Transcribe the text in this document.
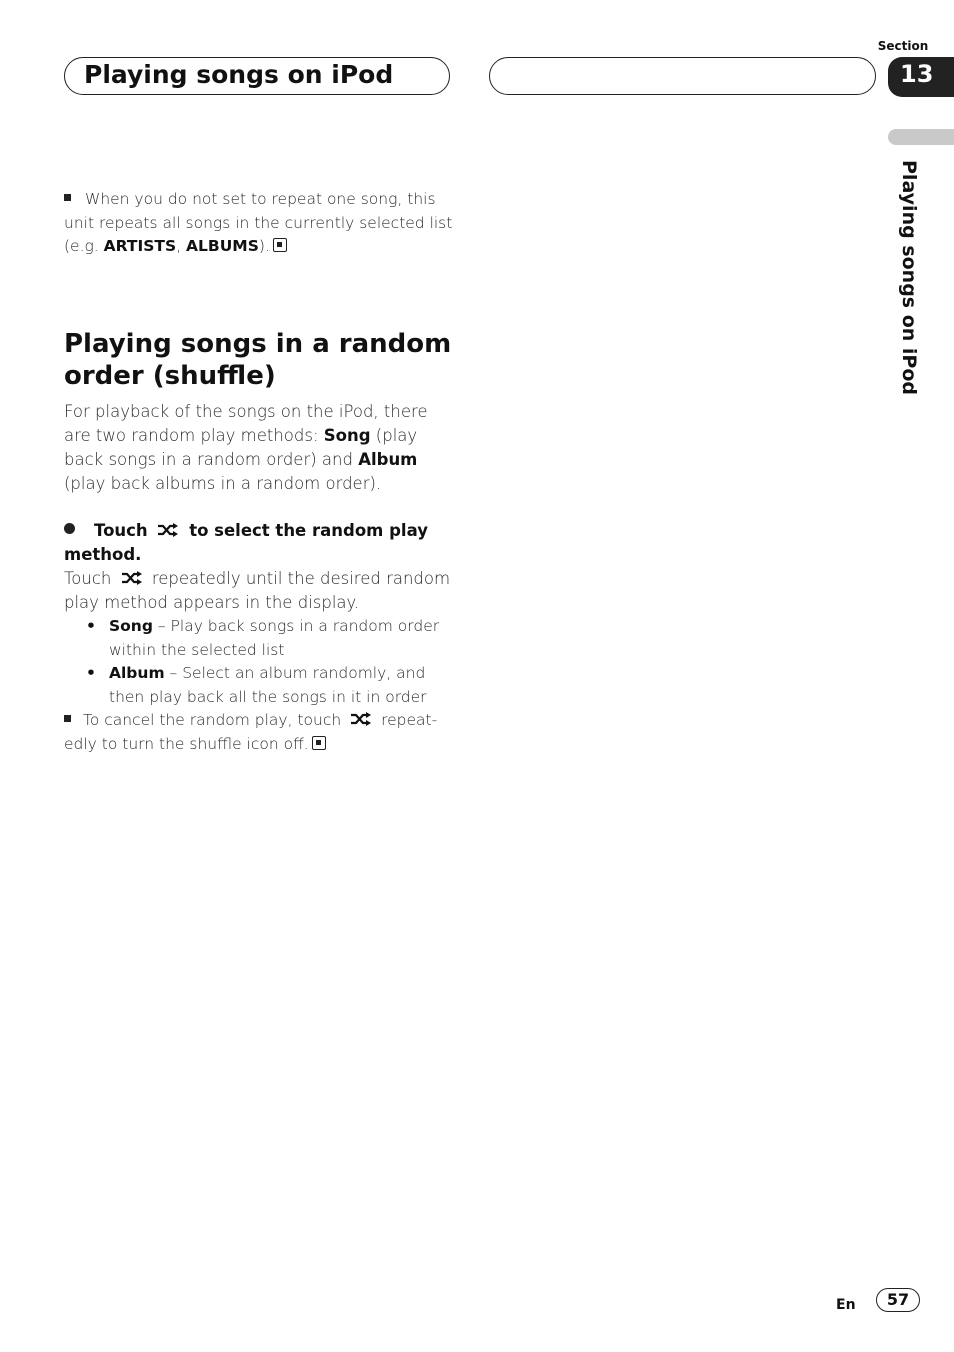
Playing songs on iPod
Section
13
Playing songs on iPod

When you do not set to repeat one song, this unit repeats all songs in the currently selected list (e.g. ARTISTS, ALBUMS).

Playing songs in a random order (shuffle)

For playback of the songs on the iPod, there are two random play methods: Song (play back songs in a random order) and Album (play back albums in a random order).

Touch	to select the random play method.

Touch repeatedly until the desired random play method appears in the display.

• Song – Play back songs in a random order within the selected list
• Album – Select an album randomly, and then play back all the songs in it in order

To cancel the random play, touch	repeat-edly to turn the shuffle icon off.

En	57
